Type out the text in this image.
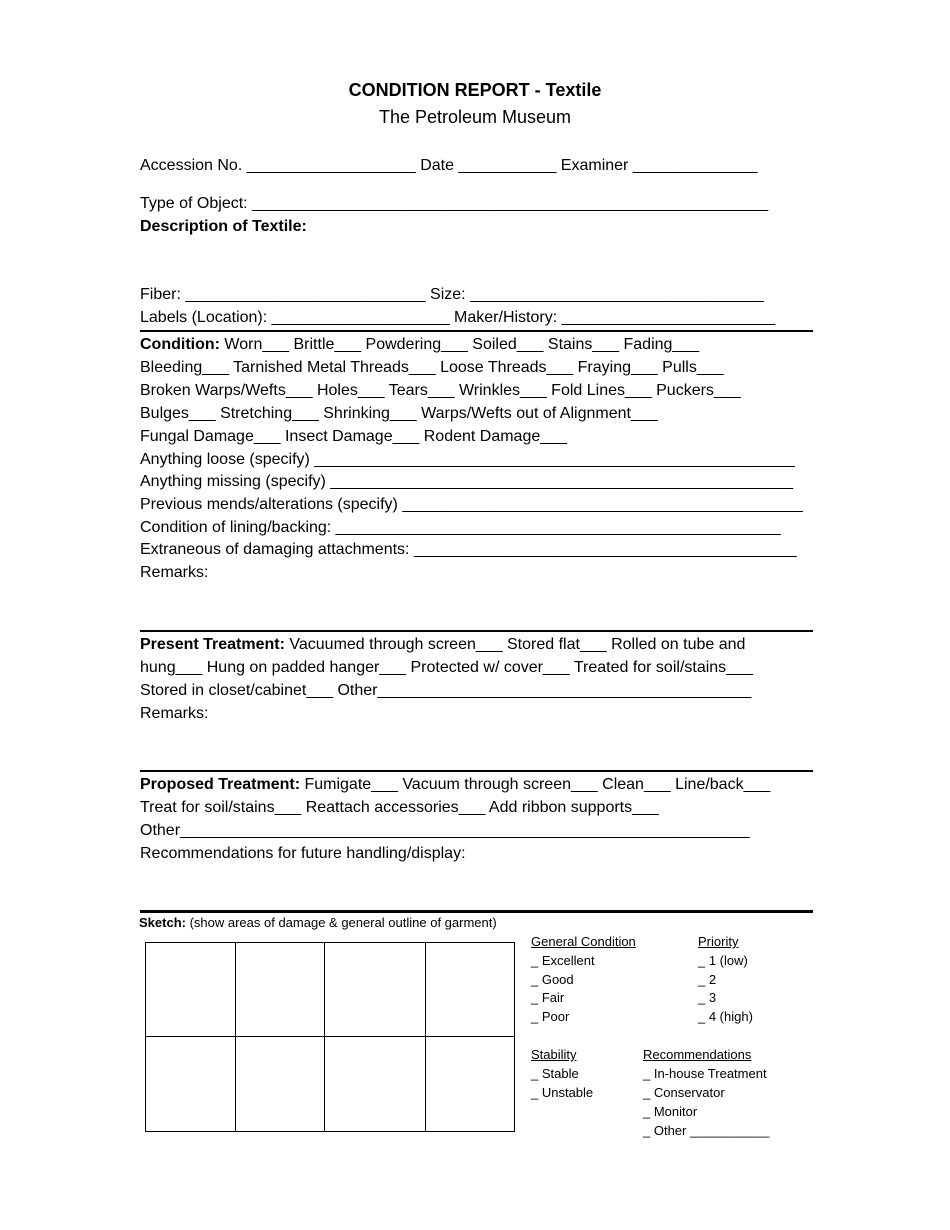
CONDITION REPORT - Textile
The Petroleum Museum
Accession No. ___________________ Date ___________ Examiner ______________
Type of Object: __________________________________________________________
Description of Textile:
Fiber: ___________________________ Size: _________________________________
Labels (Location): ____________________ Maker/History: ________________________
Condition: Worn___ Brittle___ Powdering___ Soiled___ Stains___ Fading___
Bleeding___ Tarnished Metal Threads___ Loose Threads___ Fraying___ Pulls___
Broken Warps/Wefts___ Holes___ Tears___ Wrinkles___ Fold Lines___ Puckers___
Bulges___ Stretching___ Shrinking___ Warps/Wefts out of Alignment___
Fungal Damage___ Insect Damage___ Rodent Damage___
Anything loose (specify) ______________________________________________________
Anything missing (specify) ____________________________________________________
Previous mends/alterations (specify) _____________________________________________
Condition of lining/backing: __________________________________________________
Extraneous of damaging attachments: ___________________________________________
Remarks:
Present Treatment: Vacuumed through screen___ Stored flat___ Rolled on tube and
hung___ Hung on padded hanger___ Protected w/ cover___ Treated for soil/stains___
Stored in closet/cabinet___ Other__________________________________________
Remarks:
Proposed Treatment: Fumigate___ Vacuum through screen___ Clean___ Line/back___
Treat for soil/stains___ Reattach accessories___ Add ribbon supports___
Other________________________________________________________________
Recommendations for future handling/display:
Sketch: (show areas of damage & general outline of garment)
General Condition
_ Excellent
_ Good
_ Fair
_ Poor
Priority
_ 1 (low)
_ 2
_ 3
_ 4 (high)
Stability
_ Stable
_ Unstable
Recommendations
_ In-house Treatment
_ Conservator
_ Monitor
_ Other ___________
